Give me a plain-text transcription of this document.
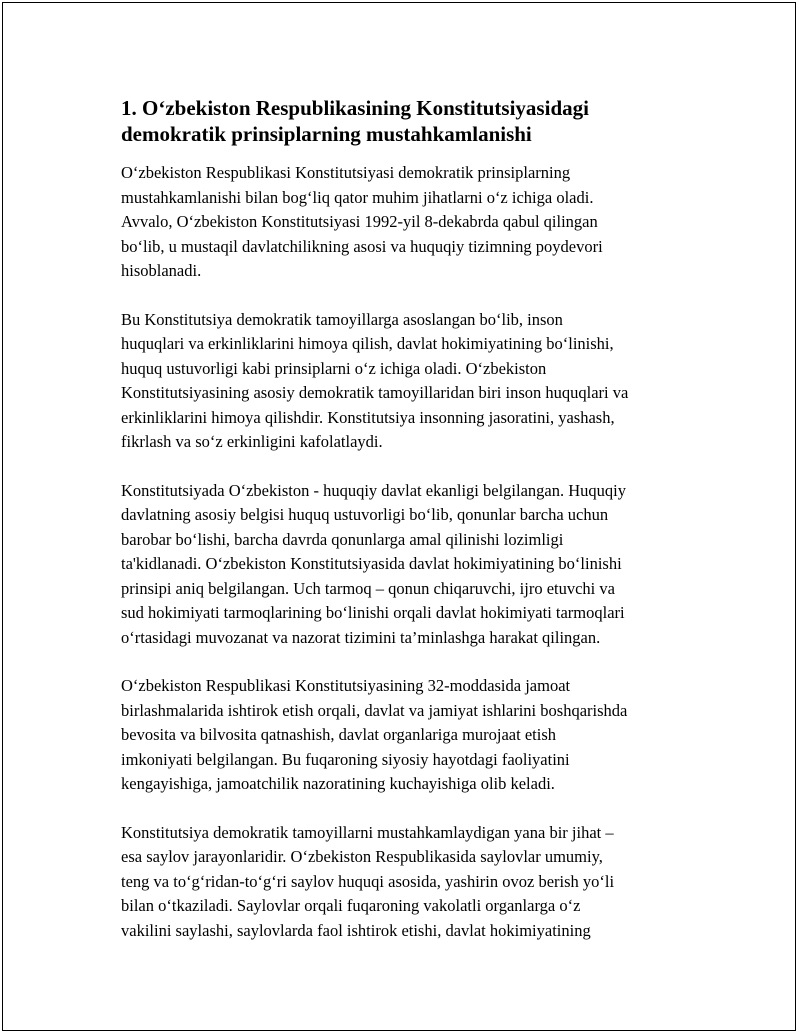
1. O‘zbekiston Respublikasining Konstitutsiyasidagi
demokratik prinsiplarning mustahkamlanishi

O‘zbekiston Respublikasi Konstitutsiyasi demokratik prinsiplarning
mustahkamlanishi bilan bog‘liq qator muhim jihatlarni o‘z ichiga oladi.
Avvalo, O‘zbekiston Konstitutsiyasi 1992-yil 8-dekabrda qabul qilingan
bo‘lib, u mustaqil davlatchilikning asosi va huquqiy tizimning poydevori
hisoblanadi.

Bu Konstitutsiya demokratik tamoyillarga asoslangan bo‘lib, inson
huquqlari va erkinliklarini himoya qilish, davlat hokimiyatining bo‘linishi,
huquq ustuvorligi kabi prinsiplarni o‘z ichiga oladi. O‘zbekiston
Konstitutsiyasining asosiy demokratik tamoyillaridan biri inson huquqlari va
erkinliklarini himoya qilishdir. Konstitutsiya insonning jasoratini, yashash,
fikrlash va so‘z erkinligini kafolatlaydi.

Konstitutsiyada O‘zbekiston - huquqiy davlat ekanligi belgilangan. Huquqiy
davlatning asosiy belgisi huquq ustuvorligi bo‘lib, qonunlar barcha uchun
barobar bo‘lishi, barcha davrda qonunlarga amal qilinishi lozimligi
ta'kidlanadi. O‘zbekiston Konstitutsiyasida davlat hokimiyatining bo‘linishi
prinsipi aniq belgilangan. Uch tarmoq – qonun chiqaruvchi, ijro etuvchi va
sud hokimiyati tarmoqlarining bo‘linishi orqali davlat hokimiyati tarmoqlari
o‘rtasidagi muvozanat va nazorat tizimini ta’minlashga harakat qilingan.

O‘zbekiston Respublikasi Konstitutsiyasining 32-moddasida jamoat
birlashmalarida ishtirok etish orqali, davlat va jamiyat ishlarini boshqarishda
bevosita va bilvosita qatnashish, davlat organlariga murojaat etish
imkoniyati belgilangan. Bu fuqaroning siyosiy hayotdagi faoliyatini
kengayishiga, jamoatchilik nazoratining kuchayishiga olib keladi.

Konstitutsiya demokratik tamoyillarni mustahkamlaydigan yana bir jihat –
esa saylov jarayonlaridir. O‘zbekiston Respublikasida saylovlar umumiy,
teng va to‘g‘ridan-to‘g‘ri saylov huquqi asosida, yashirin ovoz berish yo‘li
bilan o‘tkaziladi. Saylovlar orqali fuqaroning vakolatli organlarga o‘z
vakilini saylashi, saylovlarda faol ishtirok etishi, davlat hokimiyatining
